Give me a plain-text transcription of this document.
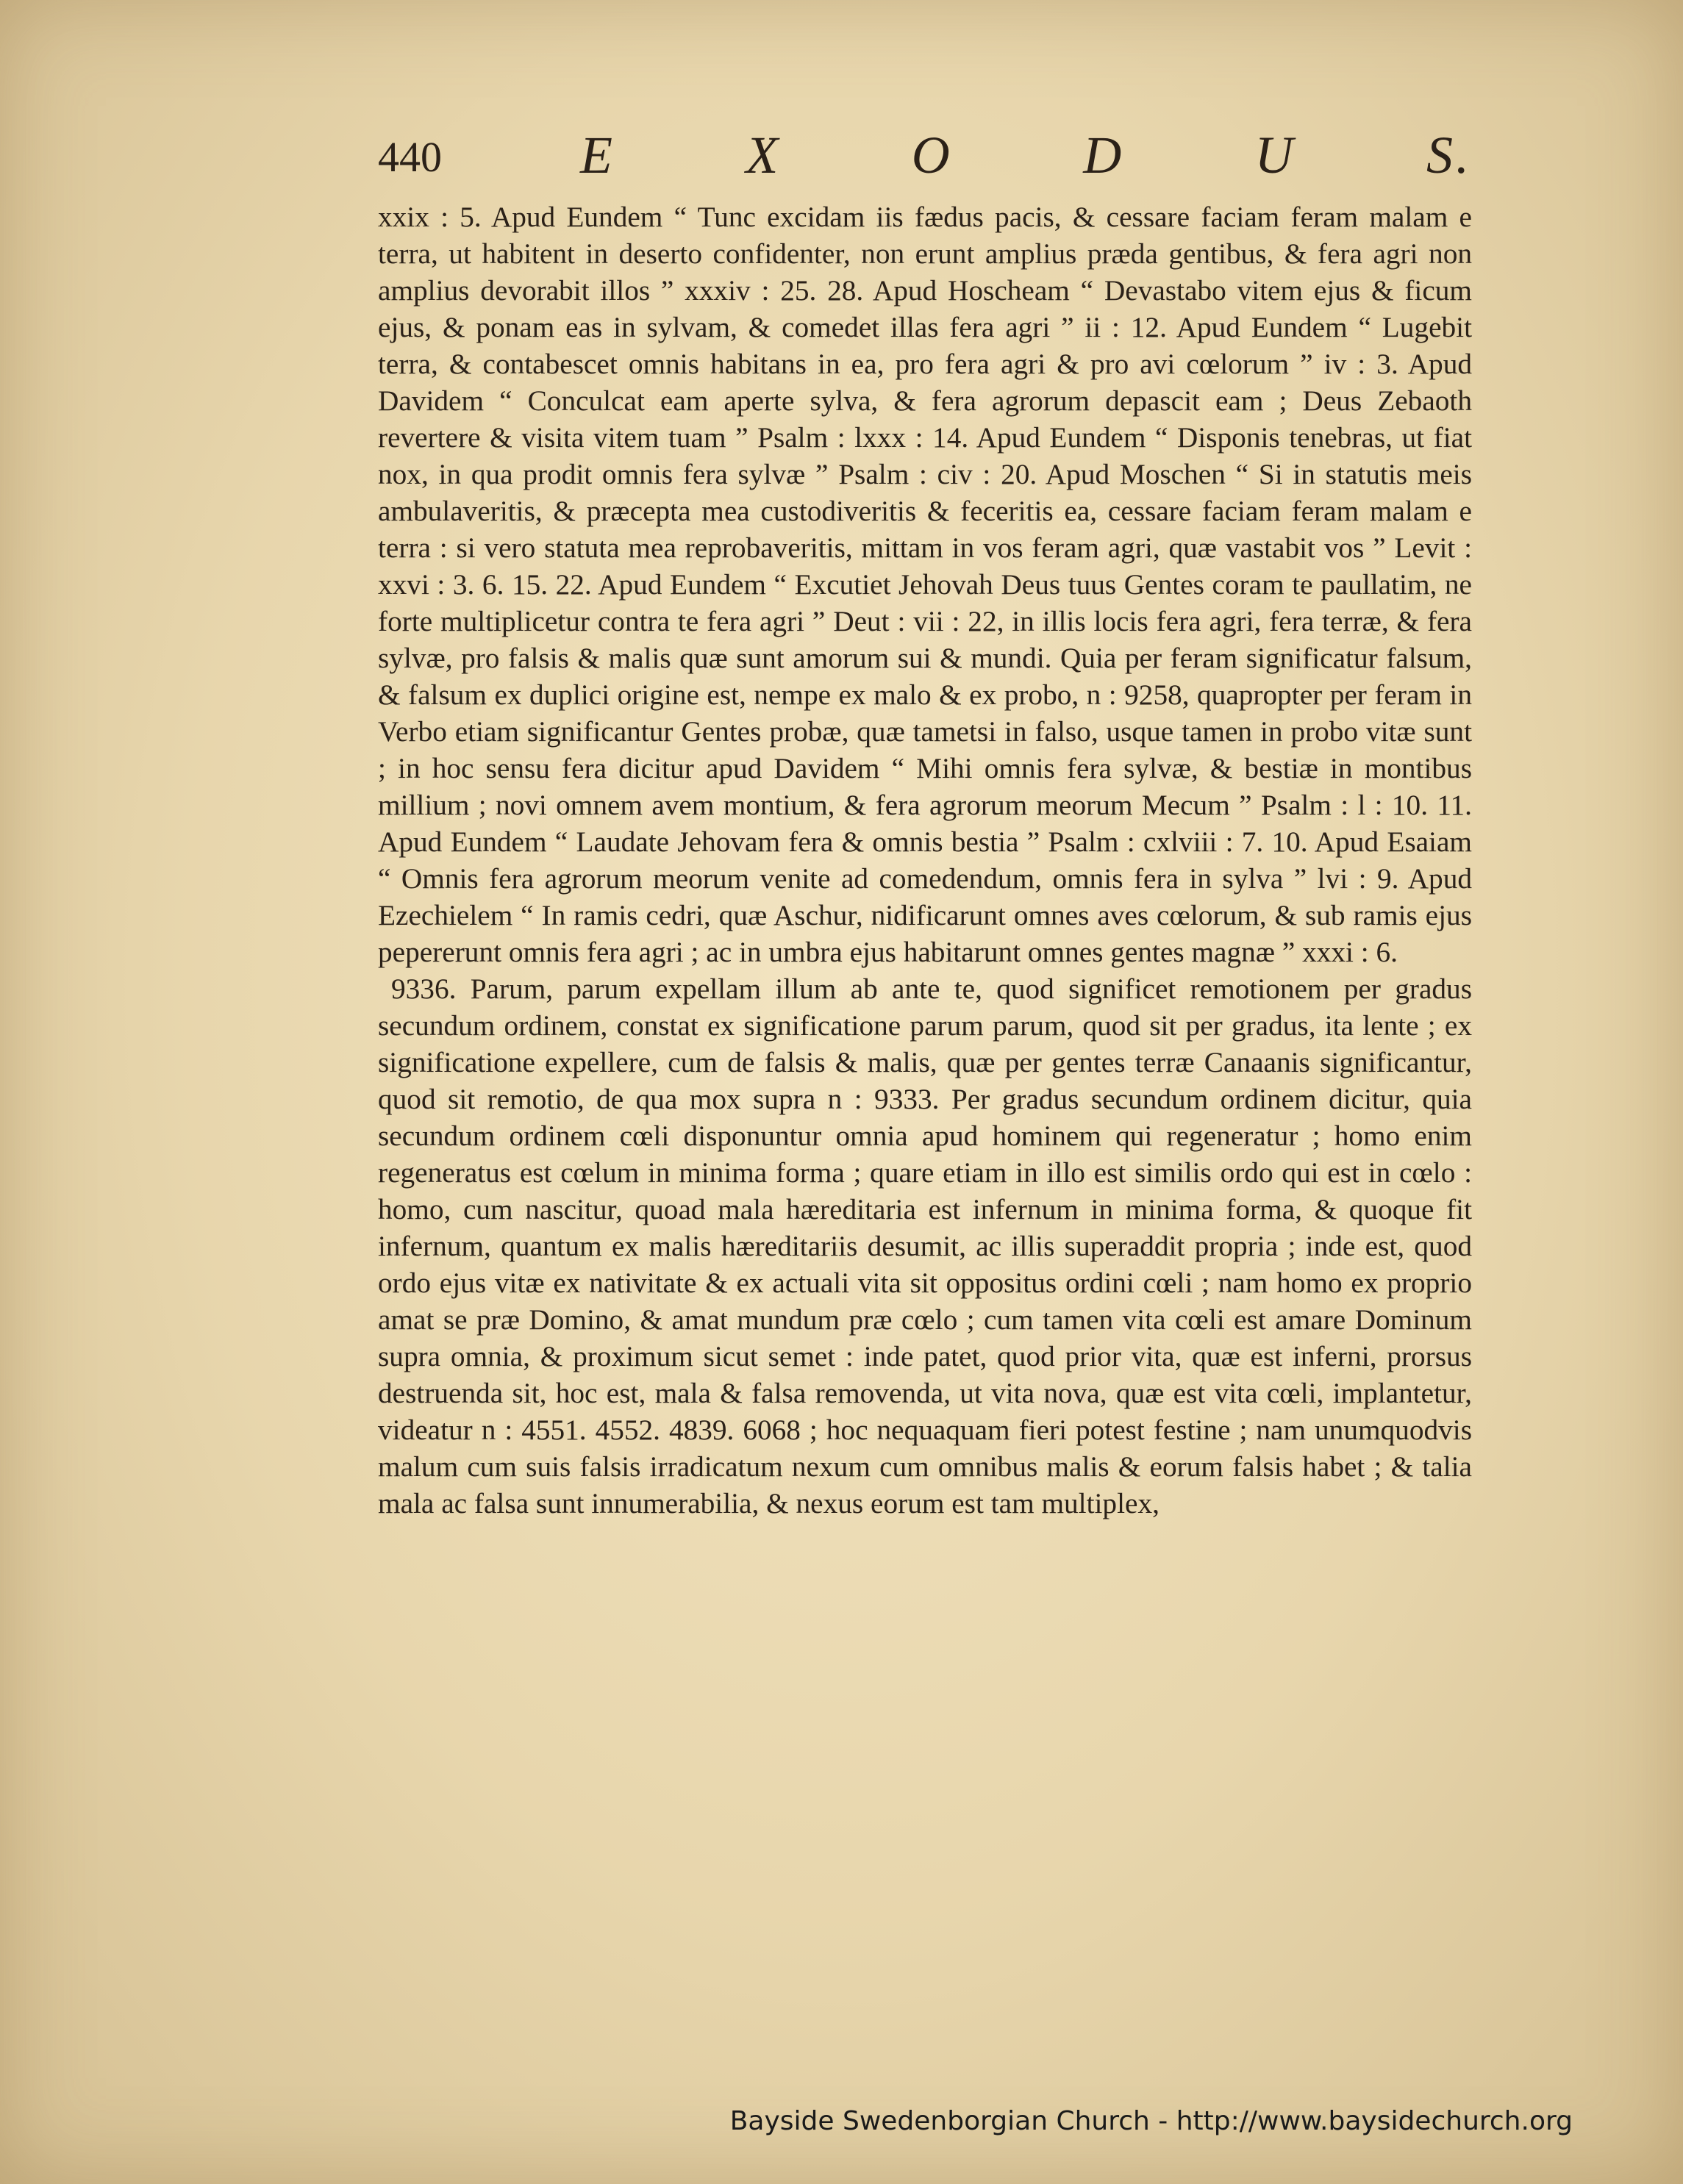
440	E X O D U S.

xxix : 5. Apud Eundem “ Tunc excidam iis fædus pacis, & cessare faciam feram malam e terra, ut habitent in deserto confidenter, non erunt amplius præda gentibus, & fera agri non amplius devorabit illos ” xxxiv : 25. 28. Apud Hoscheam “ Devastabo vitem ejus & ficum ejus, & ponam eas in sylvam, & comedet illas fera agri ” ii : 12. Apud Eundem “ Lugebit terra, & contabescet omnis habitans in ea, pro fera agri & pro avi cœlorum ” iv : 3. Apud Davidem “ Conculcat eam aperte sylva, & fera agrorum depascit eam ; Deus Zebaoth revertere & visita vitem tuam ” Psalm : lxxx : 14. Apud Eundem “ Disponis tenebras, ut fiat nox, in qua prodit omnis fera sylvæ ” Psalm : civ : 20. Apud Moschen “ Si in statutis meis ambulaveritis, & præcepta mea custodiveritis & feceritis ea, cessare faciam feram malam e terra : si vero statuta mea reprobaveritis, mittam in vos feram agri, quæ vastabit vos ” Levit : xxvi : 3. 6. 15. 22. Apud Eundem “ Excutiet Jehovah Deus tuus Gentes coram te paullatim, ne forte multiplicetur contra te fera agri ” Deut : vii : 22, in illis locis fera agri, fera terræ, & fera sylvæ, pro falsis & malis quæ sunt amorum sui & mundi. Quia per feram significatur falsum, & falsum ex duplici origine est, nempe ex malo & ex probo, n : 9258, quapropter per feram in Verbo etiam significantur Gentes probæ, quæ tametsi in falso, usque tamen in probo vitæ sunt ; in hoc sensu fera dicitur apud Davidem “ Mihi omnis fera sylvæ, & bestiæ in montibus millium ; novi omnem avem montium, & fera agrorum meorum Mecum ” Psalm : l : 10. 11. Apud Eundem “ Laudate Jehovam fera & omnis bestia ” Psalm : cxlviii : 7. 10. Apud Esaiam “ Omnis fera agrorum meorum venite ad comedendum, omnis fera in sylva ” lvi : 9. Apud Ezechielem “ In ramis cedri, quæ Aschur, nidificarunt omnes aves cœlorum, & sub ramis ejus pepererunt omnis fera agri ; ac in umbra ejus habitarunt omnes gentes magnæ ” xxxi : 6.

9336. Parum, parum expellam illum ab ante te, quod significet remotionem per gradus secundum ordinem, constat ex significatione parum parum, quod sit per gradus, ita lente ; ex significatione expellere, cum de falsis & malis, quæ per gentes terræ Canaanis significantur, quod sit remotio, de qua mox supra n : 9333. Per gradus secundum ordinem dicitur, quia secundum ordinem cœli disponuntur omnia apud hominem qui regeneratur ; homo enim regeneratus est cœlum in minima forma ; quare etiam in illo est similis ordo qui est in cœlo : homo, cum nascitur, quoad mala hæreditaria est infernum in minima forma, & quoque fit infernum, quantum ex malis hæreditariis desumit, ac illis superaddit propria ; inde est, quod ordo ejus vitæ ex nativitate & ex actuali vita sit oppositus ordini cœli ; nam homo ex proprio amat se præ Domino, & amat mundum præ cœlo ; cum tamen vita cœli est amare Dominum supra omnia, & proximum sicut semet : inde patet, quod prior vita, quæ est inferni, prorsus destruenda sit, hoc est, mala & falsa removenda, ut vita nova, quæ est vita cœli, implantetur, videatur n : 4551. 4552. 4839. 6068 ; hoc nequaquam fieri potest festine ; nam unumquodvis malum cum suis falsis irradicatum nexum cum omnibus malis & eorum falsis habet ; & talia mala ac falsa sunt innumerabilia, & nexus eorum est tam multiplex,

Bayside Swedenborgian Church - http://www.baysidechurch.org
